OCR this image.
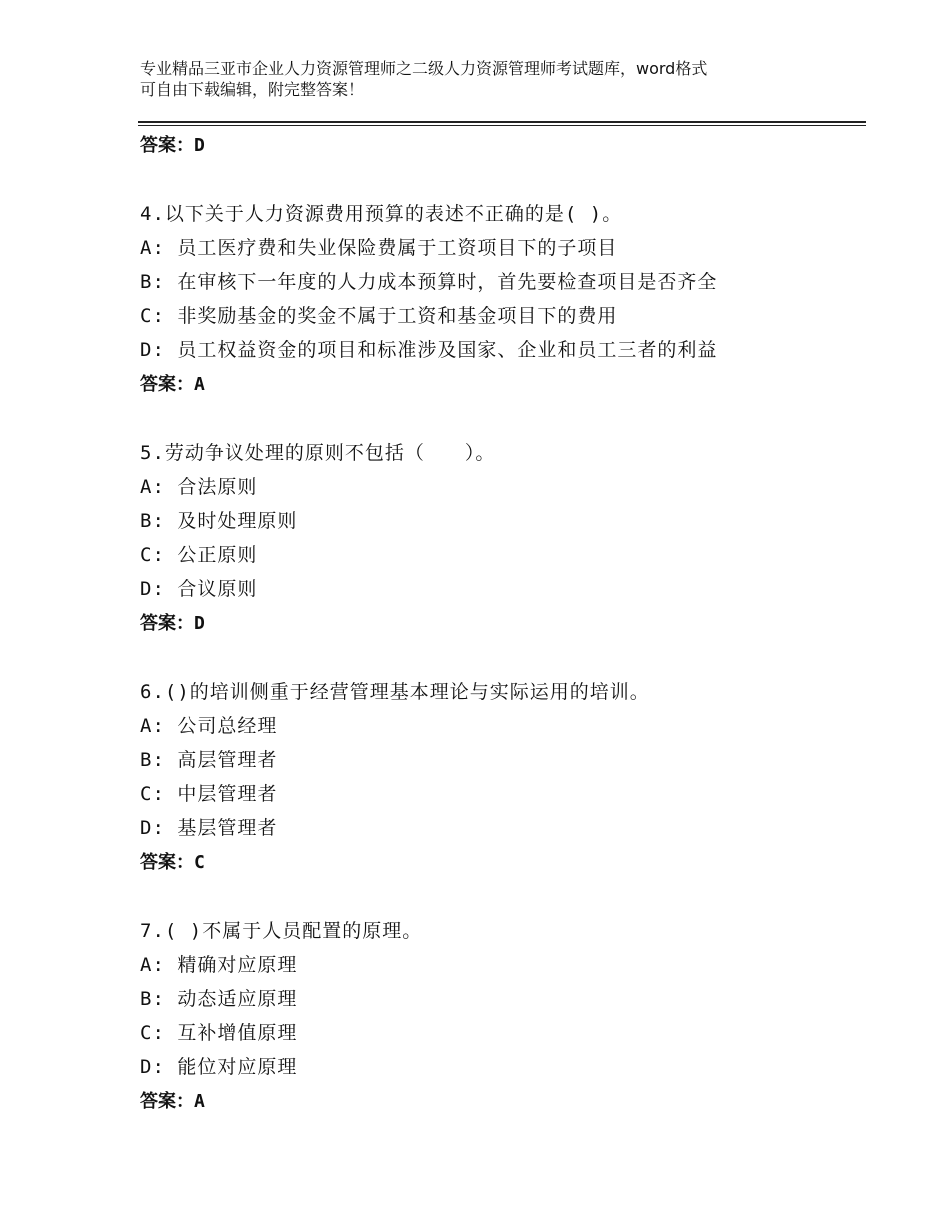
专业精品三亚市企业人力资源管理师之二级人力资源管理师考试题库，word格式
可自由下载编辑，附完整答案！
答案：D
4.以下关于人力资源费用预算的表述不正确的是( )。
A: 员工医疗费和失业保险费属于工资项目下的子项目
B: 在审核下一年度的人力成本预算时，首先要检查项目是否齐全
C: 非奖励基金的奖金不属于工资和基金项目下的费用
D: 员工权益资金的项目和标准涉及国家、企业和员工三者的利益
答案：A
5.劳动争议处理的原则不包括（　　）。
A: 合法原则
B: 及时处理原则
C: 公正原则
D: 合议原则
答案：D
6.()的培训侧重于经营管理基本理论与实际运用的培训。
A: 公司总经理
B: 高层管理者
C: 中层管理者
D: 基层管理者
答案：C
7.( )不属于人员配置的原理。
A: 精确对应原理
B: 动态适应原理
C: 互补增值原理
D: 能位对应原理
答案：A
